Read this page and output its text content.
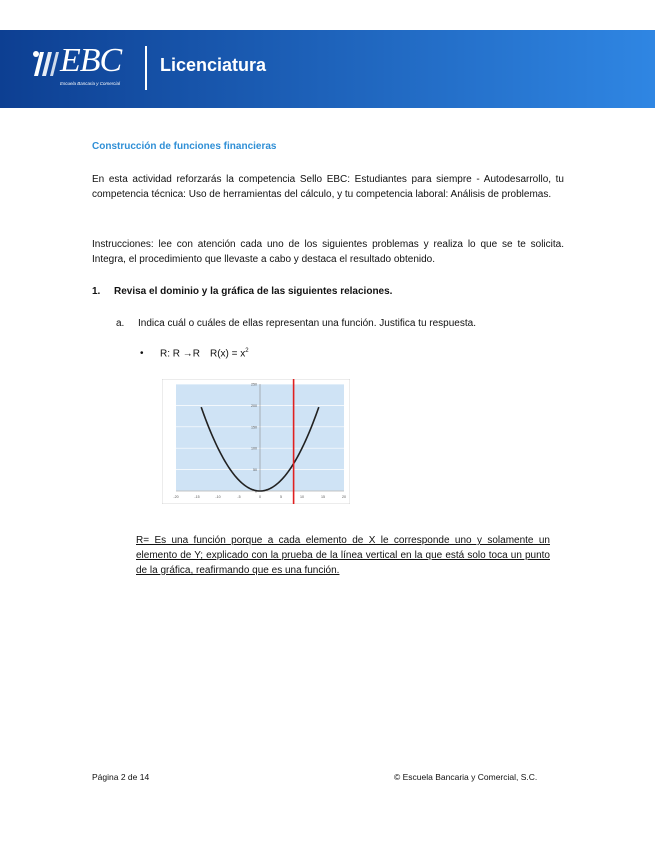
EBC
Escuela Bancaria y Comercial
Licenciatura
Construcción de funciones financieras
En esta actividad reforzarás la competencia Sello EBC: Estudiantes para siempre - Autodesarrollo, tu competencia técnica: Uso de herramientas del cálculo, y tu competencia laboral: Análisis de problemas.
Instrucciones: lee con atención cada uno de los siguientes problemas y realiza lo que se te solicita. Integra, el procedimiento que llevaste a cabo y destaca el resultado obtenido.
1. Revisa el dominio y la gráfica de las siguientes relaciones.
a. Indica cuál o cuáles de ellas representan una función. Justifica tu respuesta.
• R: R →R $R(x) = x^2$
0
50
100
150
200
250
-20	-15	-10	-5	0	5	10	15	20
R= Es una función porque a cada elemento de X le corresponde uno y solamente un elemento de Y; explicado con la prueba de la línea vertical en la que está solo toca un punto de la gráfica, reafirmando que es una función.
Página 2 de 14	© Escuela Bancaria y Comercial, S.C.
